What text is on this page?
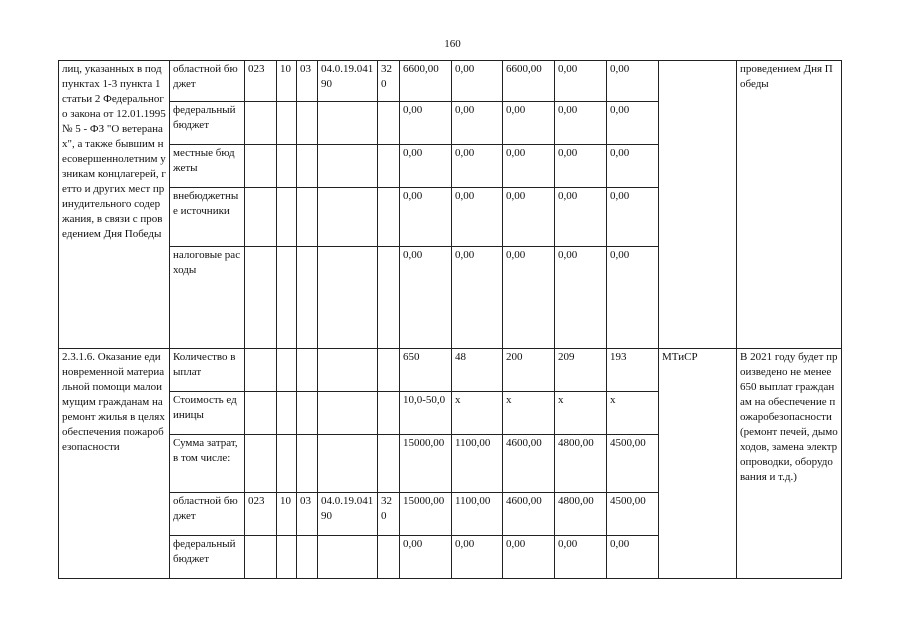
160
лиц, указанных в подпунктах 1-3 пункта 1 статьи 2 Федерального закона от 12.01.1995 № 5 - ФЗ "О ветеранах", а также бывшим несовершеннолетним узникам концлагерей, гетто и других мест принудительного содержания, в связи с проведением Дня Победы	областной бюджет	023	10	03	04.0.19.04190	320	6600,00	0,00	6600,00	0,00	0,00		проведением Дня Победы
	федеральный бюджет						0,00	0,00	0,00	0,00	0,00		
	местные бюджеты						0,00	0,00	0,00	0,00	0,00		
	внебюджетные источники						0,00	0,00	0,00	0,00	0,00		
	налоговые расходы						0,00	0,00	0,00	0,00	0,00		
2.3.1.6. Оказание единовременной материальной помощи малоимущим гражданам на ремонт жилья в целях обеспечения пожаробезопасности	Количество выплат						650	48	200	209	193	МТиСР	В 2021 году будет произведено не менее 650 выплат гражданам на обеспечение пожаробезопасности (ремонт печей, дымоходов, замена электропроводки, оборудования и т.д.)
	Стоимость единицы						10,0-50,0	x	x	x	x		
	Сумма затрат, в том числе:						15000,00	1100,00	4600,00	4800,00	4500,00		
	областной бюджет	023	10	03	04.0.19.04190	320	15000,00	1100,00	4600,00	4800,00	4500,00		
	федеральный бюджет						0,00	0,00	0,00	0,00	0,00		
